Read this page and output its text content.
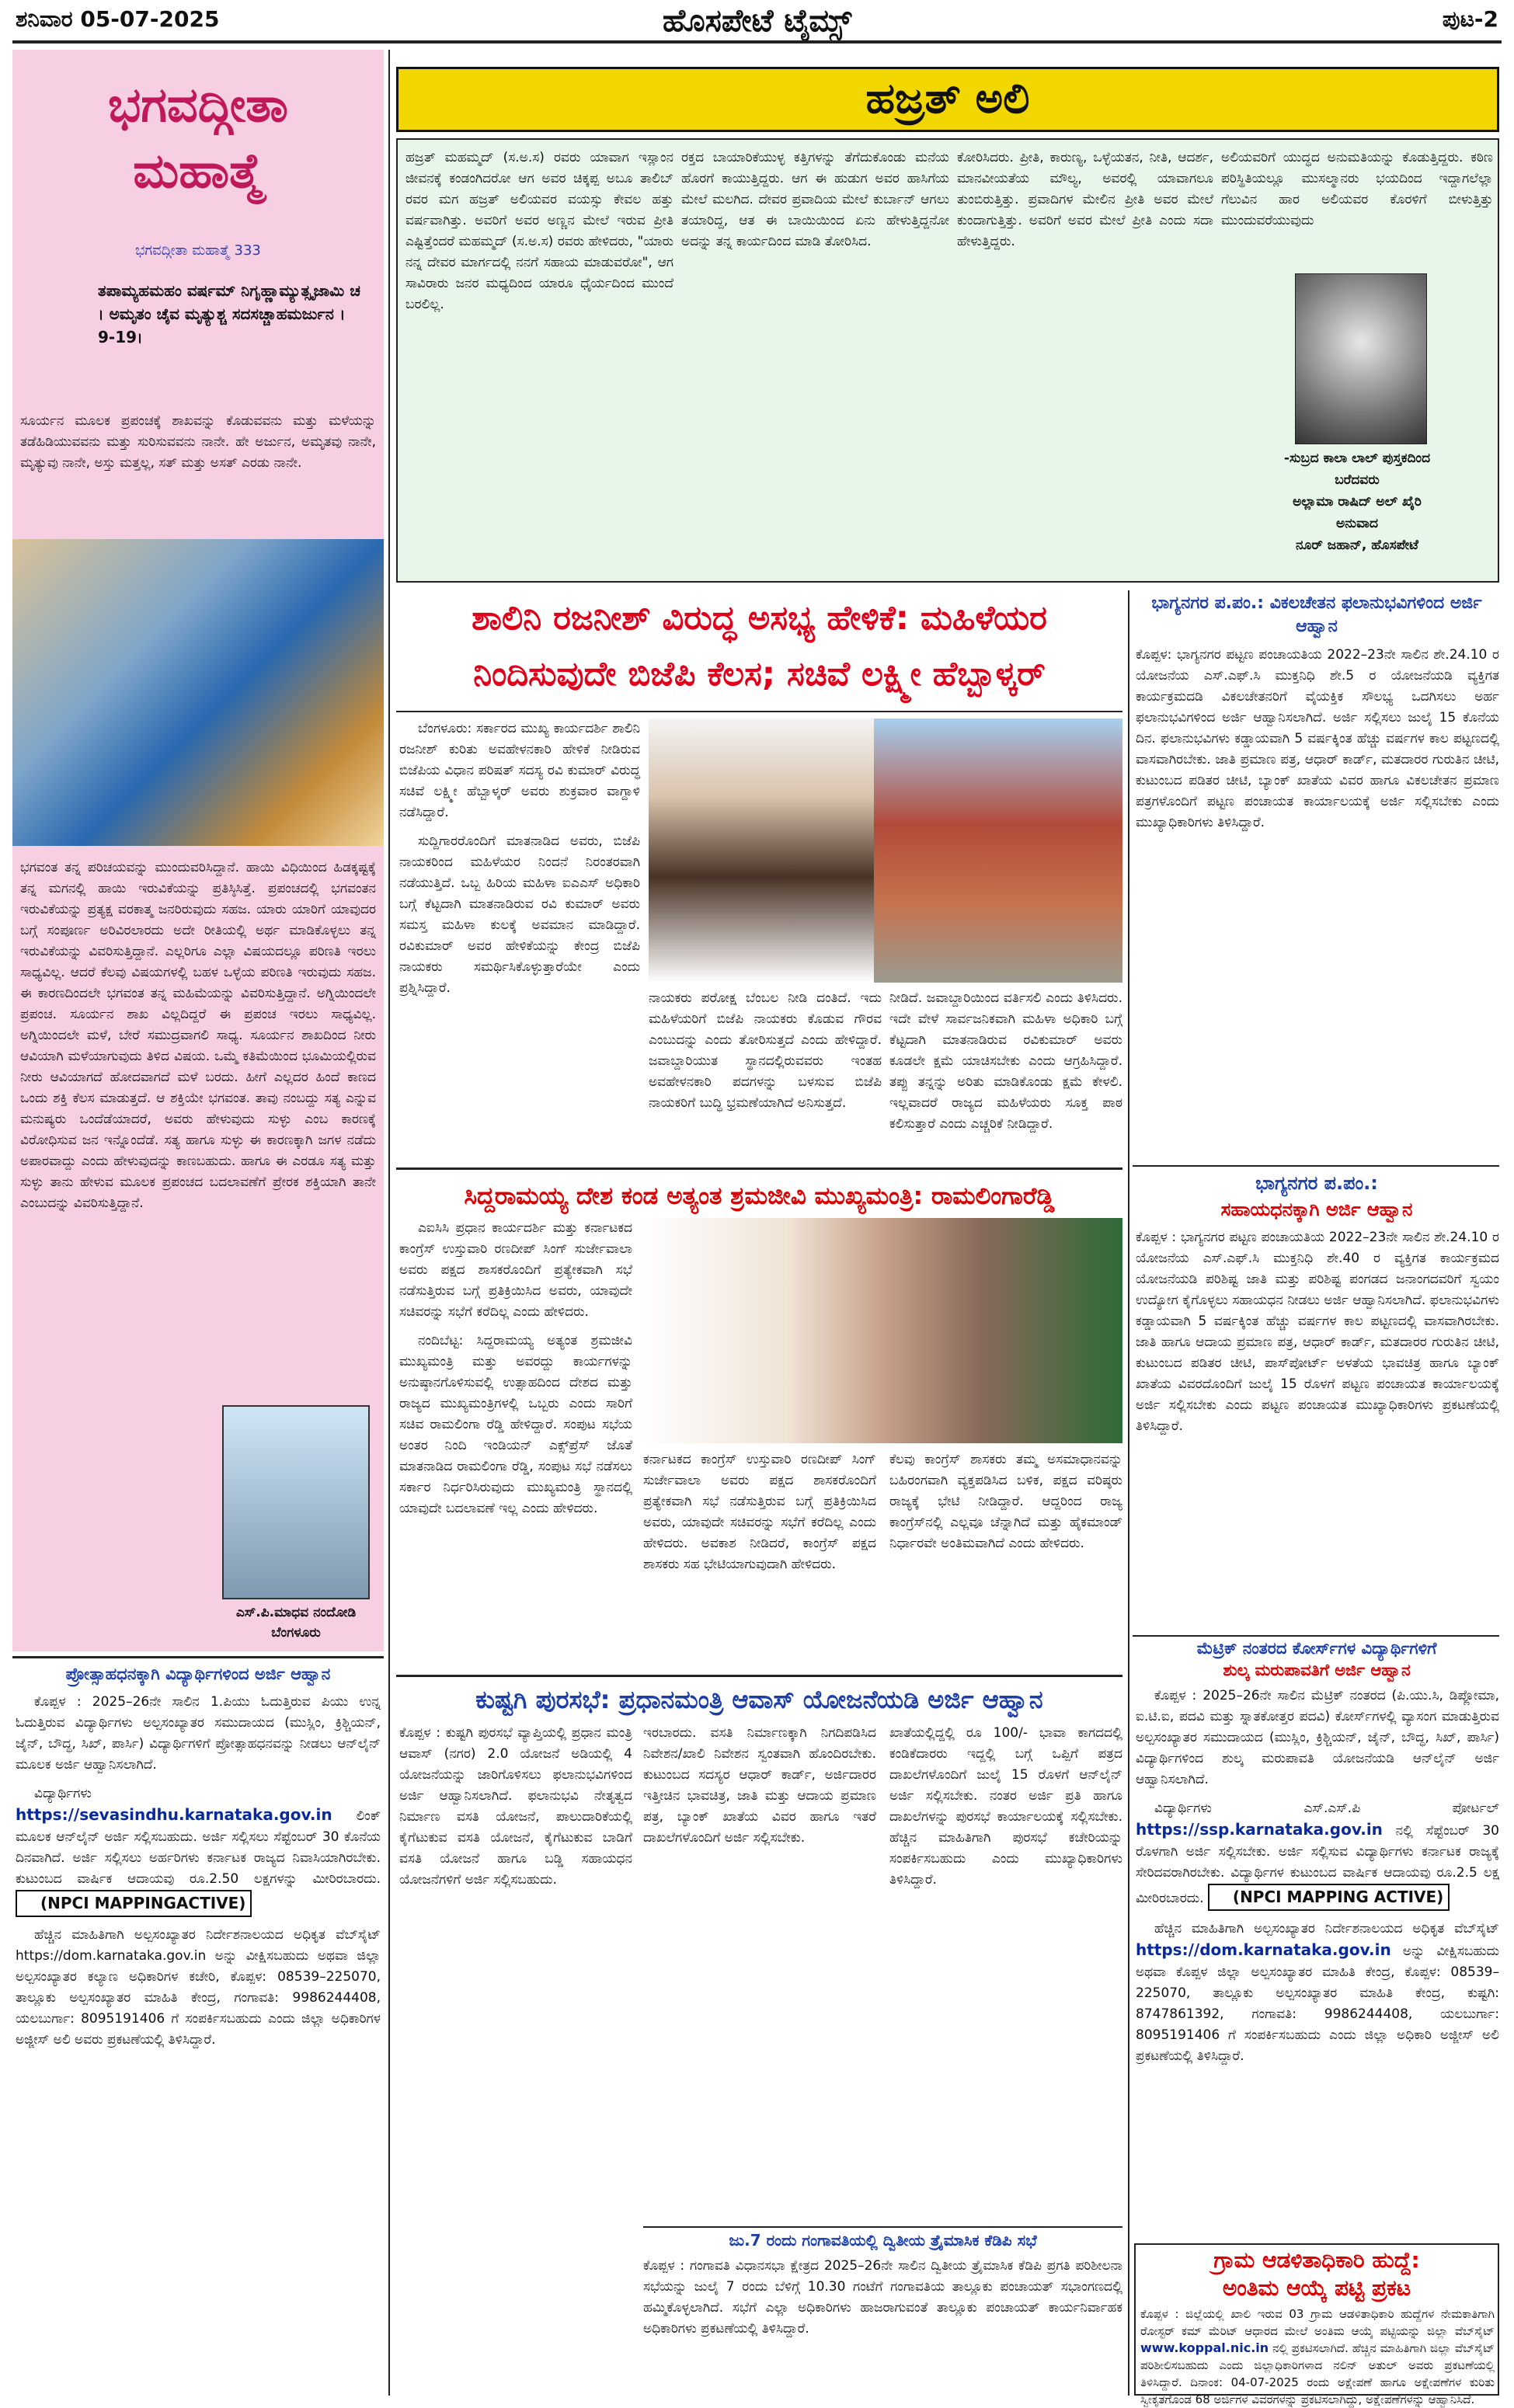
ಶನಿವಾರ 05-07-2025	ಹೊಸಪೇಟೆ ಟೈಮ್ಸ್	ಪುಟ-2
ಭಗವದ್ಗೀತಾ
ಮಹಾತ್ಮೆ
ಭಗವದ್ಗೀತಾ ಮಹಾತ್ಮೆ 333
ತಪಾಮ್ಯಹಮಹಂ ವರ್ಷಮ್ ನಿಗೃಹ್ಣಾಮ್ಯುತ್ಸೃಜಾಮಿ ಚ । ಅಮೃತಂ ಚೈವ ಮೃತ್ಯುಶ್ಚ ಸದಸಚ್ಚಾಹಮರ್ಜುನ ।9-19।
ಸೂರ್ಯನ ಮೂಲಕ ಪ್ರಪಂಚಕ್ಕೆ ಶಾಖವನ್ನು ಕೊಡುವವನು ಮತ್ತು ಮಳೆಯನ್ನು ತಡೆಹಿಡಿಯುವವನು ಮತ್ತು ಸುರಿಸುವವನು ನಾನೇ. ಹೇ ಅರ್ಜುನ, ಅಮೃತವು ನಾನೇ, ಮೃತ್ಯುವು ನಾನೇ, ಅಸ್ತು ಮತ್ತಲ್ಲ, ಸತ್ ಮತ್ತು ಅಸತ್ ಎರಡು ನಾನೇ.
ಭಗವಂತ ತನ್ನ ಪರಿಚಯವನ್ನು ಮುಂದುವರಿಸಿದ್ದಾನೆ. ಹಾಯಿ ವಿಧಿಯಿಂದ ಹಿಡಕ್ಕಷ್ಟಕ್ಕೆ ತನ್ನ ಮಗನಲ್ಲಿ ಹಾಯಿ ಇರುವಿಕೆಯನ್ನು ಪ್ರತಿಸ್ಠಿಸಿತ್ತೆ. ಪ್ರಪಂಚದಲ್ಲಿ ಭಗವಂತನ ಇರುವಿಕೆಯನ್ನು ಪ್ರತ್ಯಕ್ಷ ವರಕಾತ್ಮ ಜನರಿರುವುದು ಸಹಜ. ಯಾರು ಯಾರಿಗೆ ಯಾವುದರ ಬಗ್ಗೆ ಸಂಪೂರ್ಣ ಅರಿವಿರಲಾರದು ಅದೇ ರೀತಿಯಲ್ಲಿ ಅರ್ಥ ಮಾಡಿಕೊಳ್ಳಲು ತನ್ನ ಇರುವಿಕೆಯನ್ನು ವಿವರಿಸುತ್ತಿದ್ದಾನೆ. ಎಲ್ಲರಿಗೂ ಎಲ್ಲಾ ವಿಷಯದಲ್ಲೂ ಪರಿಣತಿ ಇರಲು ಸಾಧ್ಯವಿಲ್ಲ. ಆದರೆ ಕೆಲವು ವಿಷಯಗಳಲ್ಲಿ ಬಹಳ ಒಳ್ಳೆಯ ಪರಿಣತಿ ಇರುವುದು ಸಹಜ. ಈ ಕಾರಣದಿಂದಲೇ ಭಗವಂತ ತನ್ನ ಮಹಿಮೆಯನ್ನು ವಿವರಿಸುತ್ತಿದ್ದಾನೆ. ಅಗ್ನಿಯಿಂದಲೇ ಪ್ರಪಂಚ. ಸೂರ್ಯನ ಶಾಖ ವಿಲ್ಲದಿದ್ದರೆ ಈ ಪ್ರಪಂಚ ಇರಲು ಸಾಧ್ಯವಿಲ್ಲ. ಅಗ್ನಿಯಿಂದಲೇ ಮಳೆ, ಬೇರೆ ಸಮುದ್ರವಾಗಲಿ ಸಾಧ್ಯ. ಸೂರ್ಯನ ಶಾಖದಿಂದ ನೀರು ಆವಿಯಾಗಿ ಮಳೆಯಾಗುವುದು ತಿಳಿದ ವಿಷಯ. ಒಮ್ಮೆ ಕತಿಮೆಯಿಂದ ಭೂಮಿಯಲ್ಲಿರುವ ನೀರು ಆವಿಯಾಗದೆ ಹೋದವಾಗದೆ ಮಳೆ ಬರದು. ಹೀಗೆ ಎಲ್ಲದರ ಹಿಂದೆ ಕಾಣದ ಒಂದು ಶಕ್ತಿ ಕೆಲಸ ಮಾಡುತ್ತದೆ. ಆ ಶಕ್ತಿಯೇ ಭಗವಂತ. ತಾವು ನಂಬದ್ದು ಸತ್ಯ ಎನ್ನುವ ಮನುಷ್ಯರು ಒಂದೆಡೆಯಾದರೆ, ಅವರು ಹೇಳುವುದು ಸುಳ್ಳು ಎಂಬ ಕಾರಣಕ್ಕೆ ವಿರೋಧಿಸುವ ಜನ ಇನ್ನೊಂದೆಡೆ. ಸತ್ಯ ಹಾಗೂ ಸುಳ್ಳು ಈ ಕಾರಣಕ್ಕಾಗಿ ಜಗಳ ನಡೆದು ಅಪಾರವಾದ್ದು ಎಂದು ಹೇಳುವುದನ್ನು ಕಾಣಬಹುದು. ಹಾಗೂ ಈ ಎರಡೂ ಸತ್ಯ ಮತ್ತು ಸುಳ್ಳು ತಾನು ಹೇಳುವ ಮೂಲಕ ಪ್ರಪಂಚದ ಬದಲಾವಣೆಗೆ ಪ್ರೇರಕ ಶಕ್ತಿಯಾಗಿ ತಾನೇ ಎಂಬುದನ್ನು ವಿವರಿಸುತ್ತಿದ್ದಾನೆ.
ಎಸ್.ಪಿ.ಮಾಧವ ನಂದೋಡಿ
ಬೆಂಗಳೂರು
ಪ್ರೋತ್ಸಾಹಧನಕ್ಕಾಗಿ ವಿದ್ಯಾರ್ಥಿಗಳಿಂದ ಅರ್ಜಿ ಆಹ್ವಾನ

ಕೊಪ್ಪಳ : 2025–26ನೇ ಸಾಲಿನ 1.ಪಿಯು ಓದುತ್ತಿರುವ ಪಿಯು ಉನ್ನ ಓದುತ್ತಿರುವ ವಿದ್ಯಾರ್ಥಿಗಳು ಅಲ್ಪಸಂಖ್ಯಾತರ ಸಮುದಾಯದ (ಮುಸ್ಲಿಂ, ಕ್ರಿಶ್ಚಿಯನ್, ಜೈನ್, ಬೌದ್ಧ, ಸಿಖ್, ಪಾರ್ಸಿ) ವಿದ್ಯಾರ್ಥಿಗಳಿಗೆ ಪ್ರೋತ್ಸಾಹಧನವನ್ನು ನೀಡಲು ಆನ್‌ಲೈನ್ ಮೂಲಕ ಅರ್ಜಿ ಆಹ್ವಾನಿಸಲಾಗಿದೆ.

ವಿದ್ಯಾರ್ಥಿಗಳು https://sevasindhu.karnataka.gov.in ಲಿಂಕ್ ಮೂಲಕ ಆನ್‌ಲೈನ್ ಅರ್ಜಿ ಸಲ್ಲಿಸಬಹುದು. ಅರ್ಜಿ ಸಲ್ಲಿಸಲು ಸೆಪ್ಟೆಂಬರ್ 30 ಕೊನೆಯ ದಿನವಾಗಿದೆ. ಅರ್ಜಿ ಸಲ್ಲಿಸಲು ಅರ್ಹರಿಗಳು ಕರ್ನಾಟಕ ರಾಜ್ಯದ ನಿವಾಸಿಯಾಗಿರಬೇಕು. ಕುಟುಂಬದ ವಾರ್ಷಿಕ ಆದಾಯವು ರೂ.2.50 ಲಕ್ಷಗಳನ್ನು ಮೀರಿರಬಾರದು. (NPCI MAPPINGACTIVE)

ಹೆಚ್ಚಿನ ಮಾಹಿತಿಗಾಗಿ ಅಲ್ಪಸಂಖ್ಯಾತರ ನಿರ್ದೇಶನಾಲಯದ ಅಧಿಕೃತ ವೆಬ್‌ಸೈಟ್ https://dom.karnataka.gov.in ಅನ್ನು ವೀಕ್ಷಿಸಬಹುದು ಅಥವಾ ಜಿಲ್ಲಾ ಅಲ್ಪಸಂಖ್ಯಾತರ ಕಲ್ಯಾಣ ಅಧಿಕಾರಿಗಳ ಕಚೇರಿ, ಕೊಪ್ಪಳ: 08539–225070, ತಾಲ್ಲೂಕು ಅಲ್ಪಸಂಖ್ಯಾತರ ಮಾಹಿತಿ ಕೇಂದ್ರ, ಗಂಗಾವತಿ: 9986244408, ಯಲಬುರ್ಗಾ: 8095191406 ಗೆ ಸಂಪರ್ಕಿಸಬಹುದು ಎಂದು ಜಿಲ್ಲಾ ಅಧಿಕಾರಿಗಳ ಅಜ್ಜೀಸ್ ಅಲಿ ಅವರು ಪ್ರಕಟಣೆಯಲ್ಲಿ ತಿಳಿಸಿದ್ದಾರೆ.

ಹಜ್ರತ್ ಅಲಿ
ಹಜ್ರತ್ ಮಹಮ್ಮದ್ (ಸ.ಅ.ಸ) ರವರು ಯಾವಾಗ ಇಸ್ಲಾಂನ ಜೀವನಕ್ಕೆ ಕಂಡಂಗಿದರೋ ಆಗ ಅವರ ಚಿಕ್ಕಪ್ಪ ಅಬೂ ತಾಲಿಬ್ ರವರ ಮಗ ಹಜ್ರತ್ ಅಲಿಯವರ ವಯಸ್ಸು ಕೇವಲ ಹತ್ತು ವರ್ಷವಾಗಿತ್ತು. ಅವರಿಗೆ ಅವರ ಅಣ್ಣನ ಮೇಲೆ ಇರುವ ಪ್ರೀತಿ ಎಷ್ಟಿತ್ತೆಂದರೆ ಮಹಮ್ಮದ್ (ಸ.ಅ.ಸ) ರವರು ಹೇಳಿದರು, "ಯಾರು ನನ್ನ ದೇವರ ಮಾರ್ಗದಲ್ಲಿ ನನಗೆ ಸಹಾಯ ಮಾಡುವರೋ", ಆಗ ಸಾವಿರಾರು ಜನರ ಮಧ್ಯದಿಂದ ಯಾರೂ ಧೈರ್ಯದಿಂದ ಮುಂದೆ ಬರಲಿಲ್ಲ.
ರಕ್ತದ ಬಾಯಾರಿಕೆಯುಳ್ಳ ಕತ್ತಿಗಳನ್ನು ತೆಗೆದುಕೊಂಡು ಮನೆಯ ಹೊರಗೆ ಕಾಯುತ್ತಿದ್ದರು. ಆಗ ಈ ಹುಡುಗ ಅವರ ಹಾಸಿಗೆಯ ಮೇಲೆ ಮಲಗಿದ. ದೇವರ ಪ್ರವಾದಿಯ ಮೇಲೆ ಕುರ್ಬಾನ್ ಆಗಲು ತಯಾರಿದ್ದ, ಆತ ಈ ಬಾಯಿಯಿಂದ ಏನು ಹೇಳುತ್ತಿದ್ದನೋ ಅದನ್ನು ತನ್ನ ಕಾರ್ಯದಿಂದ ಮಾಡಿ ತೋರಿಸಿದ.
ಕೋರಿಸಿದರು. ಪ್ರೀತಿ, ಕಾರುಣ್ಯ, ಒಳ್ಳೆಯತನ, ನೀತಿ, ಆದರ್ಶ, ಮಾನವೀಯತೆಯ ಮೌಲ್ಯ, ಅವರಲ್ಲಿ ಯಾವಾಗಲೂ ತುಂಬಿರುತ್ತಿತ್ತು. ಪ್ರವಾದಿಗಳ ಮೇಲಿನ ಪ್ರೀತಿ ಅವರ ಮೇಲೆ ಕುಂದಾಗುತ್ತಿತ್ತು. ಅವರಿಗೆ ಅವರ ಮೇಲೆ ಪ್ರೀತಿ ಎಂದು ಸದಾ ಹೇಳುತ್ತಿದ್ದರು.
ಅಲಿಯವರಿಗೆ ಯುದ್ಧದ ಅನುಮತಿಯನ್ನು ಕೊಡುತ್ತಿದ್ದರು. ಕಠಿಣ ಪರಿಸ್ಥಿತಿಯಲ್ಲೂ ಮುಸಲ್ಮಾನರು ಭಯದಿಂದ ಇದ್ದಾಗಲೆಲ್ಲಾ ಗೆಲುವಿನ ಹಾರ ಅಲಿಯವರ ಕೊರಳಿಗೆ ಬೀಳುತ್ತಿತ್ತು ಮುಂದುವರೆಯುವುದು
-ಸುಬ್ರದ ಕಾಲಾ ಲಾಲ್ ಪುಸ್ತಕದಿಂದ
ಬರೆದವರು
ಅಲ್ಲಾಮಾ ರಾಷಿದ್ ಅಲ್ ಖೈರಿ
ಅನುವಾದ
ನೂರ್ ಜಹಾನ್, ಹೊಸಪೇಟೆ
ಶಾಲಿನಿ ರಜನೀಶ್ ವಿರುದ್ಧ ಅಸಭ್ಯ ಹೇಳಿಕೆ: ಮಹಿಳೆಯರ ನಿಂದಿಸುವುದೇ ಬಿಜೆಪಿ ಕೆಲಸ; ಸಚಿವೆ ಲಕ್ಷ್ಮೀ ಹೆಬ್ಬಾಳ್ಕರ್

ಬೆಂಗಳೂರು: ಸರ್ಕಾರದ ಮುಖ್ಯ ಕಾರ್ಯದರ್ಶಿ ಶಾಲಿನಿ ರಜನೀಶ್ ಕುರಿತು ಅವಹೇಳನಕಾರಿ ಹೇಳಿಕೆ ನೀಡಿರುವ ಬಿಜೆಪಿಯ ವಿಧಾನ ಪರಿಷತ್ ಸದಸ್ಯ ರವಿ ಕುಮಾರ್ ವಿರುದ್ಧ ಸಚಿವೆ ಲಕ್ಷ್ಮೀ ಹೆಬ್ಬಾಳ್ಕರ್ ಅವರು ಶುಕ್ರವಾರ ವಾಗ್ದಾಳಿ ನಡೆಸಿದ್ದಾರೆ.

ಸುದ್ದಿಗಾರರೊಂದಿಗೆ ಮಾತನಾಡಿದ ಅವರು, ಬಿಜೆಪಿ ನಾಯಕರಿಂದ ಮಹಿಳೆಯರ ನಿಂದನೆ ನಿರಂತರವಾಗಿ ನಡೆಯುತ್ತಿದೆ. ಒಬ್ಬ ಹಿರಿಯ ಮಹಿಳಾ ಐಎಎಸ್ ಅಧಿಕಾರಿ ಬಗ್ಗೆ ಕೆಟ್ಟದಾಗಿ ಮಾತನಾಡಿರುವ ರವಿ ಕುಮಾರ್ ಅವರು ಸಮಸ್ತ ಮಹಿಳಾ ಕುಲಕ್ಕೆ ಅವಮಾನ ಮಾಡಿದ್ದಾರೆ. ರವಿಕುಮಾರ್ ಅವರ ಹೇಳಿಕೆಯನ್ನು ಕೇಂದ್ರ ಬಿಜೆಪಿ ನಾಯಕರು ಸಮರ್ಥಿಸಿಕೊಳ್ಳುತ್ತಾರೆಯೇ ಎಂದು ಪ್ರಶ್ನಿಸಿದ್ದಾರೆ.

ನಾಯಕರು ಪರೋಕ್ಷ ಬೆಂಬಲ ನೀಡಿ ದಂತಿದೆ. ಇದು ಮಹಿಳೆಯರಿಗೆ ಬಿಜೆಪಿ ನಾಯಕರು ಕೊಡುವ ಗೌರವ ಎಂಬುದನ್ನು ಎಂದು ತೋರಿಸುತ್ತದೆ ಎಂದು ಹೇಳಿದ್ದಾರೆ. ಜವಾಬ್ದಾರಿಯುತ ಸ್ಥಾನದಲ್ಲಿರುವವರು ಇಂತಹ ಅವಹೇಳನಕಾರಿ ಪದಗಳನ್ನು ಬಳಸುವ ಬಿಜೆಪಿ ನಾಯಕರಿಗೆ ಬುದ್ಧಿ ಭ್ರಮಣೆಯಾಗಿದೆ ಅನಿಸುತ್ತದೆ.
ನೀಡಿದೆ. ಜವಾಬ್ದಾರಿಯಿಂದ ವರ್ತಿಸಲಿ ಎಂದು ತಿಳಿಸಿದರು. ಇದೇ ವೇಳೆ ಸಾರ್ವಜನಿಕವಾಗಿ ಮಹಿಳಾ ಅಧಿಕಾರಿ ಬಗ್ಗೆ ಕೆಟ್ಟದಾಗಿ ಮಾತನಾಡಿರುವ ರವಿಕುಮಾರ್ ಅವರು ಕೂಡಲೇ ಕ್ಷಮೆ ಯಾಚಿಸಬೇಕು ಎಂದು ಆಗ್ರಹಿಸಿದ್ದಾರೆ. ತಪ್ಪು ತನ್ನನ್ನು ಅರಿತು ಮಾಡಿಕೊಂಡು ಕ್ಷಮೆ ಕೇಳಲಿ. ಇಲ್ಲವಾದರೆ ರಾಜ್ಯದ ಮಹಿಳೆಯರು ಸೂಕ್ತ ಪಾಠ ಕಲಿಸುತ್ತಾರೆ ಎಂದು ಎಚ್ಚರಿಕೆ ನೀಡಿದ್ದಾರೆ.
ಸಿದ್ದರಾಮಯ್ಯ ದೇಶ ಕಂಡ ಅತ್ಯಂತ ಶ್ರಮಜೀವಿ ಮುಖ್ಯಮಂತ್ರಿ: ರಾಮಲಿಂಗಾರೆಡ್ಡಿ

ಎಐಸಿಸಿ ಪ್ರಧಾನ ಕಾರ್ಯದರ್ಶಿ ಮತ್ತು ಕರ್ನಾಟಕದ ಕಾಂಗ್ರೆಸ್ ಉಸ್ತುವಾರಿ ರಣದೀಪ್ ಸಿಂಗ್ ಸುರ್ಜೇವಾಲಾ ಅವರು ಪಕ್ಷದ ಶಾಸಕರೊಂದಿಗೆ ಪ್ರತ್ಯೇಕವಾಗಿ ಸಭೆ ನಡೆಸುತ್ತಿರುವ ಬಗ್ಗೆ ಪ್ರತಿಕ್ರಿಯಿಸಿದ ಅವರು, ಯಾವುದೇ ಸಚಿವರನ್ನು ಸಭೆಗೆ ಕರೆದಿಲ್ಲ ಎಂದು ಹೇಳಿದರು.

ನಂದಿಬೆಟ್ಟ: ಸಿದ್ದರಾಮಯ್ಯ ಅತ್ಯಂತ ಶ್ರಮಜೀವಿ ಮುಖ್ಯಮಂತ್ರಿ ಮತ್ತು ಅವರದ್ದು ಕಾರ್ಯಗಳನ್ನು ಅನುಷ್ಠಾನಗೊಳಿಸುವಲ್ಲಿ ಉತ್ಸಾಹದಿಂದ ದೇಶದ ಮತ್ತು ರಾಜ್ಯದ ಮುಖ್ಯಮಂತ್ರಿಗಳಲ್ಲಿ ಒಬ್ಬರು ಎಂದು ಸಾರಿಗೆ ಸಚಿವ ರಾಮಲಿಂಗಾ ರೆಡ್ಡಿ ಹೇಳಿದ್ದಾರೆ. ಸಂಪುಟ ಸಭೆಯ ಅಂತರ ನಿಂದಿ ಇಂಡಿಯನ್ ಎಕ್ಸ್‌ಪ್ರೆಸ್ ಜೊತೆ ಮಾತನಾಡಿದ ರಾಮಲಿಂಗಾ ರೆಡ್ಡಿ, ಸಂಪುಟ ಸಭೆ ನಡೆಸಲು ಸರ್ಕಾರ ನಿರ್ಧರಿಸಿರುವುದು ಮುಖ್ಯಮಂತ್ರಿ ಸ್ಥಾನದಲ್ಲಿ ಯಾವುದೇ ಬದಲಾವಣೆ ಇಲ್ಲ ಎಂದು ಹೇಳಿದರು.

ಕರ್ನಾಟಕದ ಕಾಂಗ್ರೆಸ್ ಉಸ್ತುವಾರಿ ರಣದೀಪ್ ಸಿಂಗ್ ಸುರ್ಜೇವಾಲಾ ಅವರು ಪಕ್ಷದ ಶಾಸಕರೊಂದಿಗೆ ಪ್ರತ್ಯೇಕವಾಗಿ ಸಭೆ ನಡೆಸುತ್ತಿರುವ ಬಗ್ಗೆ ಪ್ರತಿಕ್ರಿಯಿಸಿದ ಅವರು, ಯಾವುದೇ ಸಚಿವರನ್ನು ಸಭೆಗೆ ಕರೆದಿಲ್ಲ ಎಂದು ಹೇಳಿದರು. ಅವಕಾಶ ನೀಡಿದರೆ, ಕಾಂಗ್ರೆಸ್ ಪಕ್ಷದ ಶಾಸಕರು ಸಹ ಭೇಟಿಯಾಗುವುದಾಗಿ ಹೇಳಿದರು.
ಕೆಲವು ಕಾಂಗ್ರೆಸ್ ಶಾಸಕರು ತಮ್ಮ ಅಸಮಾಧಾನವನ್ನು ಬಹಿರಂಗವಾಗಿ ವ್ಯಕ್ತಪಡಿಸಿದ ಬಳಿಕ, ಪಕ್ಷದ ವರಿಷ್ಠರು ರಾಜ್ಯಕ್ಕೆ ಭೇಟಿ ನೀಡಿದ್ದಾರೆ. ಆದ್ದರಿಂದ ರಾಜ್ಯ ಕಾಂಗ್ರೆಸ್‌ನಲ್ಲಿ ಎಲ್ಲವೂ ಚೆನ್ನಾಗಿದೆ ಮತ್ತು ಹೈಕಮಾಂಡ್ ನಿರ್ಧಾರವೇ ಅಂತಿಮವಾಗಿದೆ ಎಂದು ಹೇಳಿದರು.
ಕುಷ್ಟಗಿ ಪುರಸಭೆ: ಪ್ರಧಾನಮಂತ್ರಿ ಆವಾಸ್ ಯೋಜನೆಯಡಿ ಅರ್ಜಿ ಆಹ್ವಾನ
ಕೊಪ್ಪಳ : ಕುಷ್ಟಗಿ ಪುರಸಭೆ ವ್ಯಾಪ್ತಿಯಲ್ಲಿ ಪ್ರಧಾನ ಮಂತ್ರಿ ಆವಾಸ್ (ನಗರ) 2.0 ಯೋಜನೆ ಅಡಿಯಲ್ಲಿ 4 ಯೋಜನೆಯನ್ನು ಜಾರಿಗೊಳಿಸಲು ಫಲಾನುಭವಿಗಳಿಂದ ಅರ್ಜಿ ಆಹ್ವಾನಿಸಲಾಗಿದೆ. ಫಲಾನುಭವಿ ನೇತೃತ್ವದ ನಿರ್ಮಾಣ ವಸತಿ ಯೋಜನೆ, ಪಾಲುದಾರಿಕೆಯಲ್ಲಿ ಕೈಗೆಟುಕುವ ವಸತಿ ಯೋಜನೆ, ಕೈಗೆಟುಕುವ ಬಾಡಿಗೆ ವಸತಿ ಯೋಜನೆ ಹಾಗೂ ಬಡ್ಡಿ ಸಹಾಯಧನ ಯೋಜನೆಗಳಿಗೆ ಅರ್ಜಿ ಸಲ್ಲಿಸಬಹುದು.
ಇರಬಾರದು. ವಸತಿ ನಿರ್ಮಾಣಕ್ಕಾಗಿ ನಿಗದಿಪಡಿಸಿದ ನಿವೇಶನ/ಖಾಲಿ ನಿವೇಶನ ಸ್ವಂತವಾಗಿ ಹೊಂದಿರಬೇಕು. ಕುಟುಂಬದ ಸದಸ್ಯರ ಆಧಾರ್ ಕಾರ್ಡ್, ಅರ್ಜಿದಾರರ ಇತ್ತೀಚಿನ ಭಾವಚಿತ್ರ, ಜಾತಿ ಮತ್ತು ಆದಾಯ ಪ್ರಮಾಣ ಪತ್ರ, ಬ್ಯಾಂಕ್ ಖಾತೆಯ ವಿವರ ಹಾಗೂ ಇತರೆ ದಾಖಲೆಗಳೊಂದಿಗೆ ಅರ್ಜಿ ಸಲ್ಲಿಸಬೇಕು.
ಖಾತೆಯಲ್ಲಿದ್ದಲ್ಲಿ ರೂ 100/- ಭಾವಾ ಕಾಗದದಲ್ಲಿ ಕಂಡಿಕೆದಾರರು ಇದ್ದಲ್ಲಿ ಬಗ್ಗೆ ಒಪ್ಪಿಗೆ ಪತ್ರದ ದಾಖಲೆಗಳೊಂದಿಗೆ ಜುಲೈ 15 ರೊಳಗೆ ಆನ್‌ಲೈನ್ ಅರ್ಜಿ ಸಲ್ಲಿಸಬೇಕು. ನಂತರ ಅರ್ಜಿ ಪ್ರತಿ ಹಾಗೂ ದಾಖಲೆಗಳನ್ನು ಪುರಸಭೆ ಕಾರ್ಯಾಲಯಕ್ಕೆ ಸಲ್ಲಿಸಬೇಕು. ಹೆಚ್ಚಿನ ಮಾಹಿತಿಗಾಗಿ ಪುರಸಭೆ ಕಚೇರಿಯನ್ನು ಸಂಪರ್ಕಿಸಬಹುದು ಎಂದು ಮುಖ್ಯಾಧಿಕಾರಿಗಳು ತಿಳಿಸಿದ್ದಾರೆ.
ಜು.7 ರಂದು ಗಂಗಾವತಿಯಲ್ಲಿ ದ್ವಿತೀಯ ತ್ರೈಮಾಸಿಕ ಕೆಡಿಪಿ ಸಭೆ
ಕೊಪ್ಪಳ : ಗಂಗಾವತಿ ವಿಧಾನಸಭಾ ಕ್ಷೇತ್ರದ 2025–26ನೇ ಸಾಲಿನ ದ್ವಿತೀಯ ತ್ರೈಮಾಸಿಕ ಕೆಡಿಪಿ ಪ್ರಗತಿ ಪರಿಶೀಲನಾ ಸಭೆಯನ್ನು ಜುಲೈ 7 ರಂದು ಬೆಳಿಗ್ಗೆ 10.30 ಗಂಟೆಗೆ ಗಂಗಾವತಿಯ ತಾಲ್ಲೂಕು ಪಂಚಾಯತ್ ಸಭಾಂಗಣದಲ್ಲಿ ಹಮ್ಮಿಕೊಳ್ಳಲಾಗಿದೆ. ಸಭೆಗೆ ಎಲ್ಲಾ ಅಧಿಕಾರಿಗಳು ಹಾಜರಾಗುವಂತೆ ತಾಲ್ಲೂಕು ಪಂಚಾಯತ್ ಕಾರ್ಯನಿರ್ವಾಹಕ ಅಧಿಕಾರಿಗಳು ಪ್ರಕಟಣೆಯಲ್ಲಿ ತಿಳಿಸಿದ್ದಾರೆ.
ಭಾಗ್ಯನಗರ ಪ.ಪಂ.: ವಿಕಲಚೇತನ ಫಲಾನುಭವಿಗಳಿಂದ ಅರ್ಜಿ ಆಹ್ವಾನ
ಕೊಪ್ಪಳ: ಭಾಗ್ಯನಗರ ಪಟ್ಟಣ ಪಂಚಾಯತಿಯ 2022–23ನೇ ಸಾಲಿನ ಶೇ.24.10 ರ ಯೋಜನೆಯ ಎಸ್.ಎಫ್.ಸಿ ಮುಕ್ತನಿಧಿ ಶೇ.5 ರ ಯೋಜನೆಯಡಿ ವ್ಯಕ್ತಿಗತ ಕಾರ್ಯಕ್ರಮದಡಿ ವಿಕಲಚೇತನರಿಗೆ ವೈಯಕ್ತಿಕ ಸೌಲಭ್ಯ ಒದಗಿಸಲು ಅರ್ಹ ಫಲಾನುಭವಿಗಳಿಂದ ಅರ್ಜಿ ಆಹ್ವಾನಿಸಲಾಗಿದೆ. ಅರ್ಜಿ ಸಲ್ಲಿಸಲು ಜುಲೈ 15 ಕೊನೆಯ ದಿನ. ಫಲಾನುಭವಿಗಳು ಕಡ್ಡಾಯವಾಗಿ 5 ವರ್ಷಕ್ಕಿಂತ ಹೆಚ್ಚು ವರ್ಷಗಳ ಕಾಲ ಪಟ್ಟಣದಲ್ಲಿ ವಾಸವಾಗಿರಬೇಕು. ಜಾತಿ ಪ್ರಮಾಣ ಪತ್ರ, ಆಧಾರ್ ಕಾರ್ಡ್, ಮತದಾರರ ಗುರುತಿನ ಚೀಟಿ, ಕುಟುಂಬದ ಪಡಿತರ ಚೀಟಿ, ಬ್ಯಾಂಕ್ ಖಾತೆಯ ವಿವರ ಹಾಗೂ ವಿಕಲಚೇತನ ಪ್ರಮಾಣ ಪತ್ರಗಳೊಂದಿಗೆ ಪಟ್ಟಣ ಪಂಚಾಯತ ಕಾರ್ಯಾಲಯಕ್ಕೆ ಅರ್ಜಿ ಸಲ್ಲಿಸಬೇಕು ಎಂದು ಮುಖ್ಯಾಧಿಕಾರಿಗಳು ತಿಳಿಸಿದ್ದಾರೆ.
ಭಾಗ್ಯನಗರ ಪ.ಪಂ.:
ಸಹಾಯಧನಕ್ಕಾಗಿ ಅರ್ಜಿ ಆಹ್ವಾನ
ಕೊಪ್ಪಳ : ಭಾಗ್ಯನಗರ ಪಟ್ಟಣ ಪಂಚಾಯತಿಯ 2022–23ನೇ ಸಾಲಿನ ಶೇ.24.10 ರ ಯೋಜನೆಯ ಎಸ್.ಎಫ್.ಸಿ ಮುಕ್ತನಿಧಿ ಶೇ.40 ರ ವ್ಯಕ್ತಿಗತ ಕಾರ್ಯಕ್ರಮದ ಯೋಜನೆಯಡಿ ಪರಿಶಿಷ್ಟ ಜಾತಿ ಮತ್ತು ಪರಿಶಿಷ್ಟ ಪಂಗಡದ ಜನಾಂಗದವರಿಗೆ ಸ್ವಯಂ ಉದ್ಯೋಗ ಕೈಗೊಳ್ಳಲು ಸಹಾಯಧನ ನೀಡಲು ಅರ್ಜಿ ಆಹ್ವಾನಿಸಲಾಗಿದೆ. ಫಲಾನುಭವಿಗಳು ಕಡ್ಡಾಯವಾಗಿ 5 ವರ್ಷಕ್ಕಿಂತ ಹೆಚ್ಚು ವರ್ಷಗಳ ಕಾಲ ಪಟ್ಟಣದಲ್ಲಿ ವಾಸವಾಗಿರಬೇಕು. ಜಾತಿ ಹಾಗೂ ಆದಾಯ ಪ್ರಮಾಣ ಪತ್ರ, ಆಧಾರ್ ಕಾರ್ಡ್, ಮತದಾರರ ಗುರುತಿನ ಚೀಟಿ, ಕುಟುಂಬದ ಪಡಿತರ ಚೀಟಿ, ಪಾಸ್‌ಪೋರ್ಟ್ ಅಳತೆಯ ಭಾವಚಿತ್ರ ಹಾಗೂ ಬ್ಯಾಂಕ್ ಖಾತೆಯ ವಿವರದೊಂದಿಗೆ ಜುಲೈ 15 ರೊಳಗೆ ಪಟ್ಟಣ ಪಂಚಾಯತ ಕಾರ್ಯಾಲಯಕ್ಕೆ ಅರ್ಜಿ ಸಲ್ಲಿಸಬೇಕು ಎಂದು ಪಟ್ಟಣ ಪಂಚಾಯತ ಮುಖ್ಯಾಧಿಕಾರಿಗಳು ಪ್ರಕಟಣೆಯಲ್ಲಿ ತಿಳಿಸಿದ್ದಾರೆ.
ಮೆಟ್ರಿಕ್ ನಂತರದ ಕೋರ್ಸ್‌ಗಳ ವಿದ್ಯಾರ್ಥಿಗಳಿಗೆ
ಶುಲ್ಕ ಮರುಪಾವತಿಗೆ ಅರ್ಜಿ ಆಹ್ವಾನ

ಕೊಪ್ಪಳ : 2025–26ನೇ ಸಾಲಿನ ಮೆಟ್ರಿಕ್ ನಂತರದ (ಪಿ.ಯು.ಸಿ, ಡಿಪ್ಲೋಮಾ, ಐ.ಟಿ.ಐ, ಪದವಿ ಮತ್ತು ಸ್ನಾತಕೋತ್ತರ ಪದವಿ) ಕೋರ್ಸ್‌ಗಳಲ್ಲಿ ವ್ಯಾಸಂಗ ಮಾಡುತ್ತಿರುವ ಅಲ್ಪಸಂಖ್ಯಾತರ ಸಮುದಾಯದ (ಮುಸ್ಲಿಂ, ಕ್ರಿಶ್ಚಿಯನ್, ಜೈನ್, ಬೌದ್ಧ, ಸಿಖ್, ಪಾರ್ಸಿ) ವಿದ್ಯಾರ್ಥಿಗಳಿಂದ ಶುಲ್ಕ ಮರುಪಾವತಿ ಯೋಜನೆಯಡಿ ಆನ್‌ಲೈನ್ ಅರ್ಜಿ ಆಹ್ವಾನಿಸಲಾಗಿದೆ.

ವಿದ್ಯಾರ್ಥಿಗಳು ಎಸ್.ಎಸ್.ಪಿ ಪೋರ್ಟಲ್ https://ssp.karnataka.gov.in ನಲ್ಲಿ ಸೆಪ್ಟೆಂಬರ್ 30 ರೊಳಗಾಗಿ ಅರ್ಜಿ ಸಲ್ಲಿಸಬೇಕು. ಅರ್ಜಿ ಸಲ್ಲಿಸುವ ವಿದ್ಯಾರ್ಥಿಗಳು ಕರ್ನಾಟಕ ರಾಜ್ಯಕ್ಕೆ ಸೇರಿದವರಾಗಿರಬೇಕು. ವಿದ್ಯಾರ್ಥಿಗಳ ಕುಟುಂಬದ ವಾರ್ಷಿಕ ಆದಾಯವು ರೂ.2.5 ಲಕ್ಷ ಮೀರಿರಬಾರದು. (NPCI MAPPING ACTIVE)

ಹೆಚ್ಚಿನ ಮಾಹಿತಿಗಾಗಿ ಅಲ್ಪಸಂಖ್ಯಾತರ ನಿರ್ದೇಶನಾಲಯದ ಅಧಿಕೃತ ವೆಬ್‌ಸೈಟ್ https://dom.karnataka.gov.in ಅನ್ನು ವೀಕ್ಷಿಸಬಹುದು ಅಥವಾ ಕೊಪ್ಪಳ ಜಿಲ್ಲಾ ಅಲ್ಪಸಂಖ್ಯಾತರ ಮಾಹಿತಿ ಕೇಂದ್ರ, ಕೊಪ್ಪಳ: 08539–225070, ತಾಲ್ಲೂಕು ಅಲ್ಪಸಂಖ್ಯಾತರ ಮಾಹಿತಿ ಕೇಂದ್ರ, ಕುಷ್ಟಗಿ: 8747861392, ಗಂಗಾವತಿ: 9986244408, ಯಲಬುರ್ಗಾ: 8095191406 ಗೆ ಸಂಪರ್ಕಿಸಬಹುದು ಎಂದು ಜಿಲ್ಲಾ ಅಧಿಕಾರಿ ಅಜ್ಜೀಸ್ ಅಲಿ ಪ್ರಕಟಣೆಯಲ್ಲಿ ತಿಳಿಸಿದ್ದಾರೆ.

ಗ್ರಾಮ ಆಡಳಿತಾಧಿಕಾರಿ ಹುದ್ದೆ:
ಅಂತಿಮ ಆಯ್ಕೆ ಪಟ್ಟಿ ಪ್ರಕಟ
ಕೊಪ್ಪಳ : ಜಿಲ್ಲೆಯಲ್ಲಿ ಖಾಲಿ ಇರುವ 03 ಗ್ರಾಮ ಆಡಳಿತಾಧಿಕಾರಿ ಹುದ್ದೆಗಳ ನೇಮಕಾತಿಗಾಗಿ ರೋಸ್ಟರ್ ಕಮ್ ಮೆರಿಟ್ ಆಧಾರದ ಮೇಲೆ ಅಂತಿಮ ಆಯ್ಕೆ ಪಟ್ಟಿಯನ್ನು ಜಿಲ್ಲಾ ವೆಬ್‌ಸೈಟ್ www.koppal.nic.in ನಲ್ಲಿ ಪ್ರಕಟಿಸಲಾಗಿದೆ. ಹೆಚ್ಚಿನ ಮಾಹಿತಿಗಾಗಿ ಜಿಲ್ಲಾ ವೆಬ್‌ಸೈಟ್ ಪರಿಶೀಲಿಸಬಹುದು ಎಂದು ಜಿಲ್ಲಾಧಿಕಾರಿಗಳಾದ ನಲಿನ್ ಅತುಲ್ ಅವರು ಪ್ರಕಟಣೆಯಲ್ಲಿ ತಿಳಿಸಿದ್ದಾರೆ. ದಿನಾಂಕ: 04-07-2025 ರಂದು ಅಕ್ಷೇಪಣೆ ಹಾಗೂ ಅಕ್ಷೇಪಣೆಗಳ ಕುರಿತು ಸ್ವೀಕೃತಗೊಂಡ 68 ಅರ್ಜಿಗಳ ವಿವರಗಳನ್ನು ಪ್ರಕಟಿಸಲಾಗಿದ್ದು, ಅಕ್ಷೇಪಣೆಗಳನ್ನು ಆಹ್ವಾನಿಸಿದೆ.
